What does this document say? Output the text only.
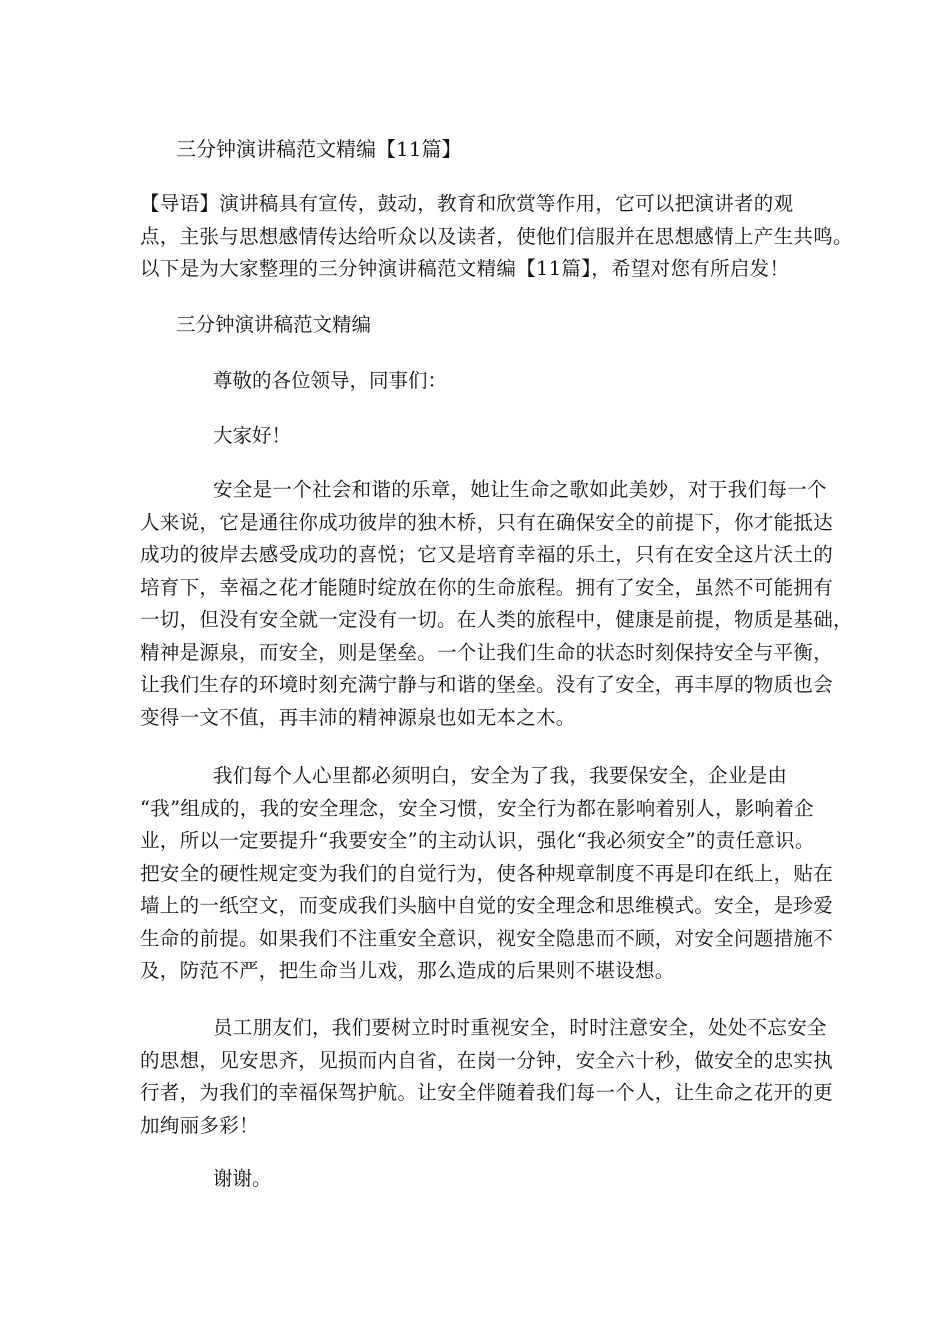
三分钟演讲稿范文精编【11篇】
【导语】演讲稿具有宣传，鼓动，教育和欣赏等作用，它可以把演讲者的观
点，主张与思想感情传达给听众以及读者，使他们信服并在思想感情上产生共鸣。
以下是为大家整理的三分钟演讲稿范文精编【11篇】，希望对您有所启发！
三分钟演讲稿范文精编
尊敬的各位领导，同事们：
大家好！
安全是一个社会和谐的乐章，她让生命之歌如此美妙，对于我们每一个
人来说，它是通往你成功彼岸的独木桥，只有在确保安全的前提下，你才能抵达
成功的彼岸去感受成功的喜悦；它又是培育幸福的乐土，只有在安全这片沃土的
培育下，幸福之花才能随时绽放在你的生命旅程。拥有了安全，虽然不可能拥有
一切，但没有安全就一定没有一切。在人类的旅程中，健康是前提，物质是基础，
精神是源泉，而安全，则是堡垒。一个让我们生命的状态时刻保持安全与平衡，
让我们生存的环境时刻充满宁静与和谐的堡垒。没有了安全，再丰厚的物质也会
变得一文不值，再丰沛的精神源泉也如无本之木。
我们每个人心里都必须明白，安全为了我，我要保安全，企业是由
“我”组成的，我的安全理念，安全习惯，安全行为都在影响着别人，影响着企
业，所以一定要提升“我要安全”的主动认识，强化“我必须安全”的责任意识。
把安全的硬性规定变为我们的自觉行为，使各种规章制度不再是印在纸上，贴在
墙上的一纸空文，而变成我们头脑中自觉的安全理念和思维模式。安全，是珍爱
生命的前提。如果我们不注重安全意识，视安全隐患而不顾，对安全问题措施不
及，防范不严，把生命当儿戏，那么造成的后果则不堪设想。
员工朋友们，我们要树立时时重视安全，时时注意安全，处处不忘安全
的思想，见安思齐，见损而内自省，在岗一分钟，安全六十秒，做安全的忠实执
行者，为我们的幸福保驾护航。让安全伴随着我们每一个人，让生命之花开的更
加绚丽多彩！
谢谢。
